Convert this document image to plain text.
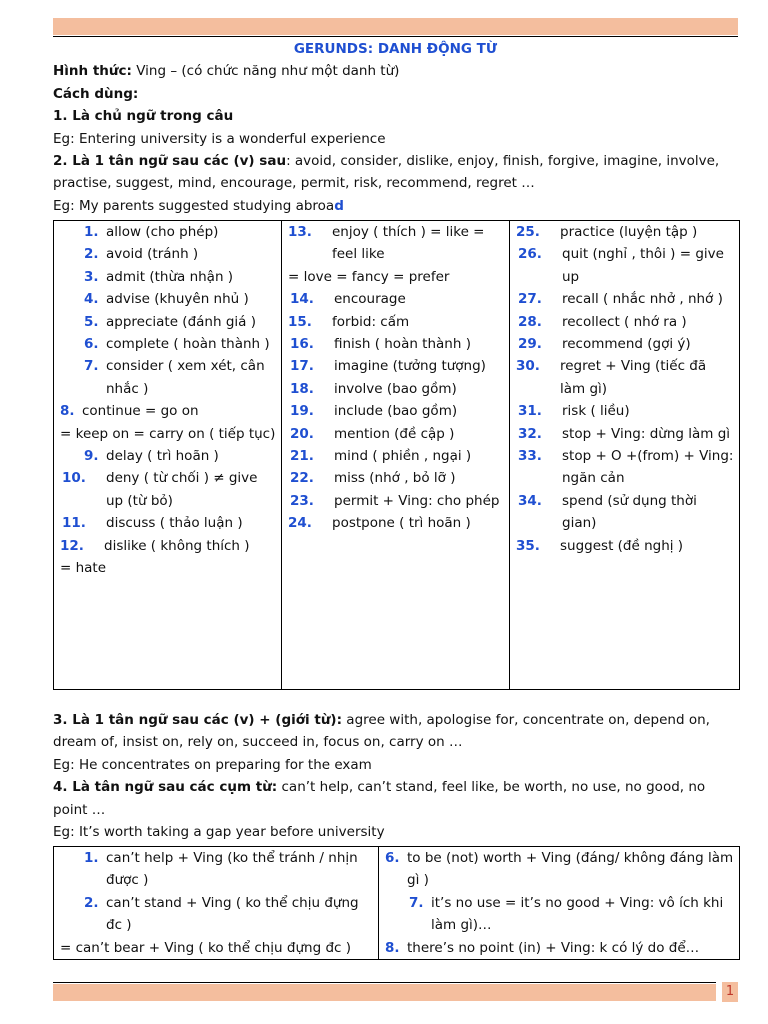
GERUNDS: DANH ĐỘNG TỪ

Hình thức: Ving – (có chức năng như một danh từ)

Cách dùng:

1. Là chủ ngữ trong câu

Eg: Entering university is a wonderful experience

2. Là 1 tân ngữ sau các (v) sau: avoid, consider, dislike, enjoy, finish, forgive, imagine, involve, practise, suggest, mind, encourage, permit, risk, recommend, regret …

Eg: My parents suggested studying abroad

1. allow (cho phép)
2. avoid (tránh )
3. admit (thừa nhận )
4. advise (khuyên nhủ )
5. appreciate (đánh giá )
6. complete ( hoàn thành )
7. consider ( xem xét, cân nhắc )
8. continue = go on
= keep on = carry on ( tiếp tục)
9. delay ( trì hoãn )
10. deny ( từ chối ) ≠ give up (từ bỏ)
11. discuss ( thảo luận )
12. dislike ( không thích )
= hate

13. enjoy ( thích ) = like = feel like
= love = fancy = prefer
14. encourage
15. forbid: cấm
16. finish ( hoàn thành )
17. imagine (tưởng tượng)
18. involve (bao gồm)
19. include (bao gồm)
20. mention (đề cập )
21. mind ( phiền , ngại )
22. miss (nhớ , bỏ lỡ )
23. permit + Ving: cho phép
24. postpone ( trì hoãn )

25. practice (luyện tập )
26. quit (nghỉ , thôi ) = give up
27. recall ( nhắc nhở , nhớ )
28. recollect ( nhớ ra )
29. recommend (gợi ý)
30. regret + Ving (tiếc đã làm gì)
31. risk ( liều)
32. stop + Ving: dừng làm gì
33. stop + O +(from) + Ving: ngăn cản
34. spend (sử dụng thời gian)
35. suggest (đề nghị )

3. Là 1 tân ngữ sau các (v) + (giới từ): agree with, apologise for, concentrate on, depend on, dream of, insist on, rely on, succeed in, focus on, carry on …

Eg: He concentrates on preparing for the exam

4. Là tân ngữ sau các cụm từ: can’t help, can’t stand, feel like, be worth, no use, no good, no point …

Eg: It’s worth taking a gap year before university

1. can’t help + Ving (ko thể tránh / nhịn được )
2. can’t stand + Ving ( ko thể chịu đựng đc )
= can’t bear + Ving ( ko thể chịu đựng đc )

6. to be (not) worth + Ving (đáng/ không đáng làm gì )
7. it’s no use = it’s no good + Ving: vô ích khi làm gì)…
8. there’s no point (in) + Ving: k có lý do để…
1
